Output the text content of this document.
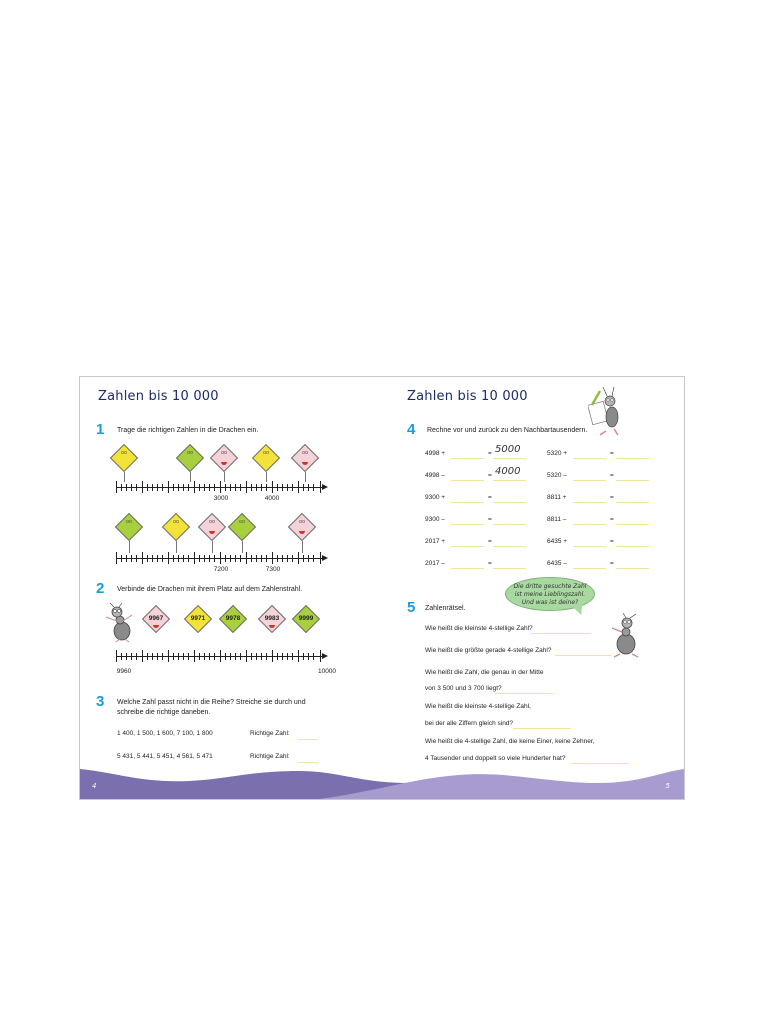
Zahlen bis 10 000
1 Trage die richtigen Zahlen in die Drachen ein.
oo	oo	oo	oo	oo
3000	4000
oo	oo	oo	oo	oo
7200	7300
2 Verbinde die Drachen mit ihrem Platz auf dem Zahlenstrahl.
9967	9971	9978	9983	9999
9960	10000
3 Welche Zahl passt nicht in die Reihe? Streiche sie durch und
schreibe die richtige daneben.
1 400, 1 500, 1 600, 7 100, 1 800	Richtige Zahl:
5 431, 5 441, 5 451, 4 561, 5 471	Richtige Zahl:
Zahlen bis 10 000
4 Rechne vor und zurück zu den Nachbartausendern.
4998 +	= 5000
4998 –	= 4000
9300 +	=
9300 –	=
2017 +	=
2017 –	=
5320 +	=
5320 –	=
8811 +	=
8811 –	=
6435 +	=
6435 –	=
5 Zahlenrätsel.
Die dritte gesuchte Zahl
ist meine Lieblingszahl.
Und was ist deine?
Wie heißt die kleinste 4-stellige Zahl?
Wie heißt die größte gerade 4-stellige Zahl?
Wie heißt die Zahl, die genau in der Mitte
von 3 500 und 3 700 liegt?
Wie heißt die kleinste 4-stellige Zahl,
bei der alle Ziffern gleich sind?
Wie heißt die 4-stellige Zahl, die keine Einer, keine Zehner,
4 Tausender und doppelt so viele Hunderter hat?
4	5
